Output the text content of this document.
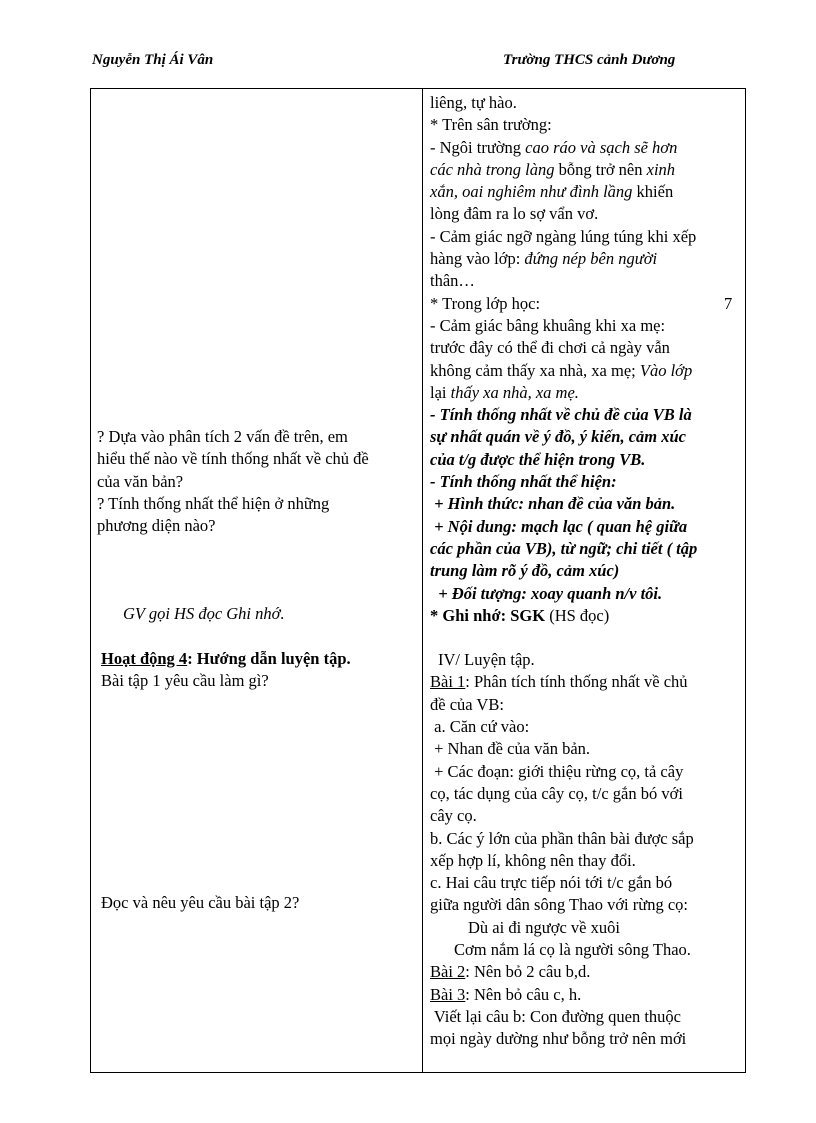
Nguyễn Thị Ái Vân	Trường THCS cảnh Dương

? Dựa vào phân tích 2 vấn đề trên, em

hiểu thế nào về tính thống nhất về chủ đề

của văn bản?

? Tính thống nhất thể hiện ở những

phương diện nào?

GV gọi HS đọc Ghi nhớ.

Hoạt động 4: Hướng dẫn luyện tập.

Bài tập 1 yêu cầu làm gì?

Đọc và nêu yêu cầu bài tập 2?

liêng, tự hào.

* Trên sân trường:

- Ngôi trường cao ráo và sạch sẽ hơn

các nhà trong làng bỗng trở nên xinh

xắn, oai nghiêm như đình lầng khiến

lòng đâm ra lo sợ vẩn vơ.

- Cảm giác ngỡ ngàng lúng túng khi xếp

hàng vào lớp: đứng nép bên người

thân…

* Trong lớp học:	7

- Cảm giác bâng khuâng khi xa mẹ:

trước đây có thể đi chơi cả ngày vẫn

không cảm thấy xa nhà, xa mẹ; Vào lớp

lại thấy xa nhà, xa mẹ.

- Tính thống nhất về chủ đề của VB là

sự nhất quán về ý đồ, ý kiến, cảm xúc

của t/g được thể hiện trong VB.

- Tính thống nhất thể hiện:

+ Hình thức: nhan đề của văn bản.

+ Nội dung: mạch lạc ( quan hệ giữa

các phần của VB), từ ngữ; chi tiết ( tập

trung làm rõ ý đồ, cảm xúc)

+ Đối tượng: xoay quanh n/v tôi.

* Ghi nhớ: SGK (HS đọc)

IV/ Luyện tập.

Bài 1: Phân tích tính thống nhất về chủ

đề của VB:

a. Căn cứ vào:

+ Nhan đề của văn bản.

+ Các đoạn: giới thiệu rừng cọ, tả cây

cọ, tác dụng của cây cọ, t/c gắn bó với

cây cọ.

b. Các ý lớn của phần thân bài được sắp

xếp hợp lí, không nên thay đổi.

c. Hai câu trực tiếp nói tới t/c gắn bó

giữa người dân sông Thao với rừng cọ:

Dù ai đi ngược về xuôi

Cơm nắm lá cọ là người sông Thao.

Bài 2: Nên bỏ 2 câu b,d.

Bài 3: Nên bỏ câu c, h.

Viết lại câu b: Con đường quen thuộc

mọi ngày dường như bỗng trở nên mới
